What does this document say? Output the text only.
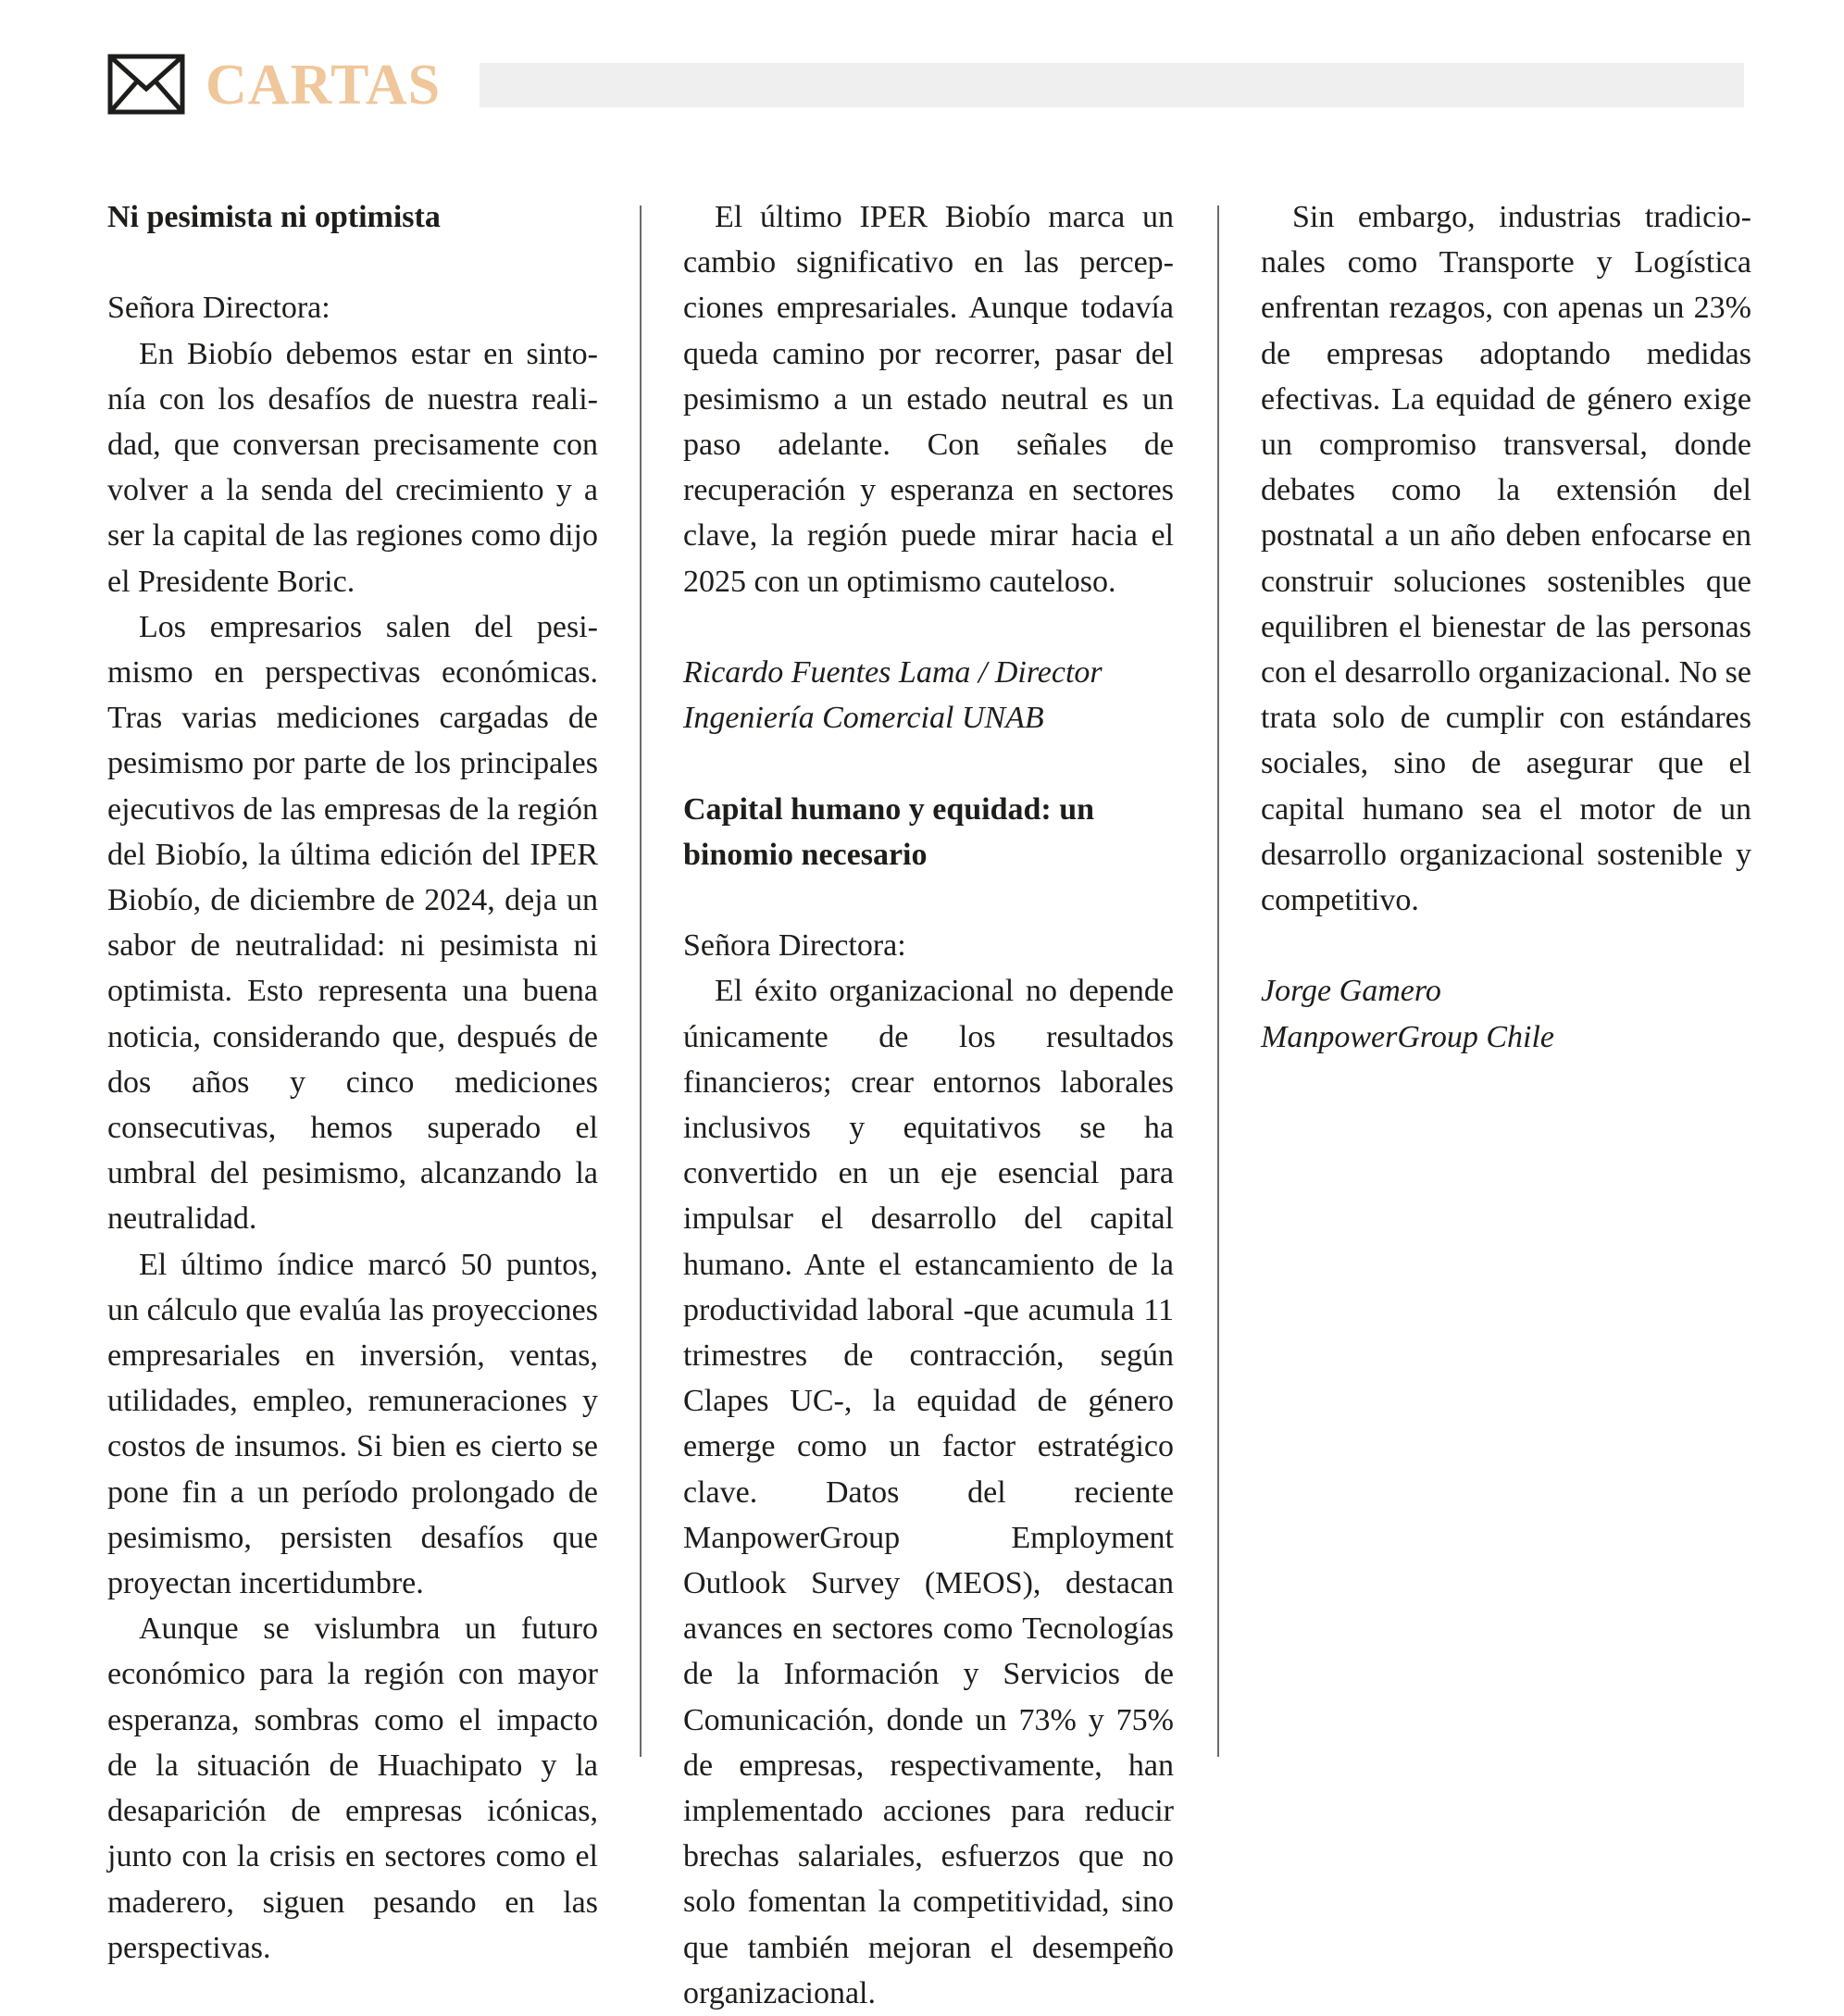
CARTAS
Ni pesimista ni optimista

Señora Directora:

En Biobío debemos estar en sintonía con los desafíos de nuestra realidad, que conversan precisamente con volver a la senda del crecimiento y a ser la capital de las regiones como dijo el Presidente Boric.

Los empresarios salen del pesimismo en perspectivas económicas. Tras varias mediciones cargadas de pesimismo por parte de los principales ejecutivos de las empresas de la región del Biobío, la última edición del IPER Biobío, de diciembre de 2024, deja un sabor de neutralidad: ni pesimista ni optimista. Esto representa una buena noticia, considerando que, después de dos años y cinco mediciones consecutivas, hemos superado el umbral del pesimismo, alcanzando la neutralidad.

El último índice marcó 50 puntos, un cálculo que evalúa las proyecciones empresariales en inversión, ventas, utilidades, empleo, remuneraciones y costos de insumos. Si bien es cierto se pone fin a un período prolongado de pesimismo, persisten desafíos que proyectan incertidumbre.

Aunque se vislumbra un futuro económico para la región con mayor esperanza, sombras como el impacto de la situación de Huachipato y la desaparición de empresas icónicas, junto con la crisis en sectores como el maderero, siguen pesando en las perspectivas.

El último IPER Biobío marca un cambio significativo en las percepciones empresariales. Aunque todavía queda camino por recorrer, pasar del pesimismo a un estado neutral es un paso adelante. Con señales de recuperación y esperanza en sectores clave, la región puede mirar hacia el 2025 con un optimismo cauteloso.

Ricardo Fuentes Lama / Director

Ingeniería Comercial UNAB

Capital humano y equidad: un binomio necesario

Señora Directora:

El éxito organizacional no depende únicamente de los resultados financieros; crear entornos laborales inclusivos y equitativos se ha convertido en un eje esencial para impulsar el desarrollo del capital humano. Ante el estancamiento de la productividad laboral -que acumula 11 trimestres de contracción, según Clapes UC-, la equidad de género emerge como un factor estratégico clave. Datos del reciente ManpowerGroup Employment Outlook Survey (MEOS), destacan avances en sectores como Tecnologías de la Información y Servicios de Comunicación, donde un 73% y 75% de empresas, respectivamente, han implementado acciones para reducir brechas salariales, esfuerzos que no solo fomentan la competitividad, sino que también mejoran el desempeño organizacional.

Sin embargo, industrias tradicionales como Transporte y Logística enfrentan rezagos, con apenas un 23% de empresas adoptando medidas efectivas. La equidad de género exige un compromiso transversal, donde debates como la extensión del postnatal a un año deben enfocarse en construir soluciones sostenibles que equilibren el bienestar de las personas con el desarrollo organizacional. No se trata solo de cumplir con estándares sociales, sino de asegurar que el capital humano sea el motor de un desarrollo organizacional sostenible y competitivo.

Jorge Gamero

ManpowerGroup Chile
